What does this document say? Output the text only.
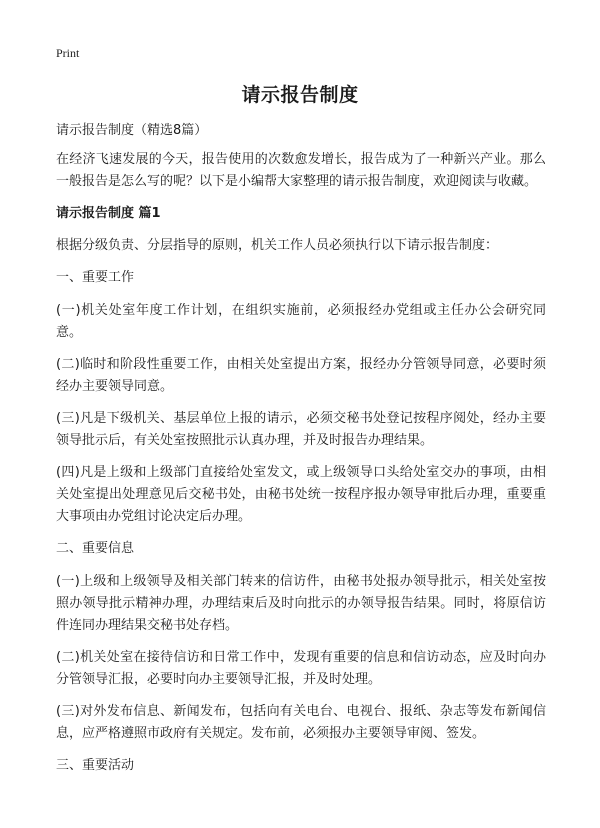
Print
请示报告制度

请示报告制度（精选8篇）

在经济飞速发展的今天，报告使用的次数愈发增长，报告成为了一种新兴产业。那么一般报告是怎么写的呢？以下是小编帮大家整理的请示报告制度，欢迎阅读与收藏。

请示报告制度 篇1

根据分级负责、分层指导的原则，机关工作人员必须执行以下请示报告制度：

一、重要工作

(一)机关处室年度工作计划，在组织实施前，必须报经办党组或主任办公会研究同意。

(二)临时和阶段性重要工作，由相关处室提出方案，报经办分管领导同意，必要时须经办主要领导同意。

(三)凡是下级机关、基层单位上报的请示，必须交秘书处登记按程序阅处，经办主要领导批示后，有关处室按照批示认真办理，并及时报告办理结果。

(四)凡是上级和上级部门直接给处室发文，或上级领导口头给处室交办的事项，由相关处室提出处理意见后交秘书处，由秘书处统一按程序报办领导审批后办理，重要重大事项由办党组讨论决定后办理。

二、重要信息

(一)上级和上级领导及相关部门转来的信访件，由秘书处报办领导批示，相关处室按照办领导批示精神办理，办理结束后及时向批示的办领导报告结果。同时，将原信访件连同办理结果交秘书处存档。

(二)机关处室在接待信访和日常工作中，发现有重要的信息和信访动态，应及时向办分管领导汇报，必要时向办主要领导汇报，并及时处理。

(三)对外发布信息、新闻发布，包括向有关电台、电视台、报纸、杂志等发布新闻信息，应严格遵照市政府有关规定。发布前，必须报办主要领导审阅、签发。

三、重要活动
